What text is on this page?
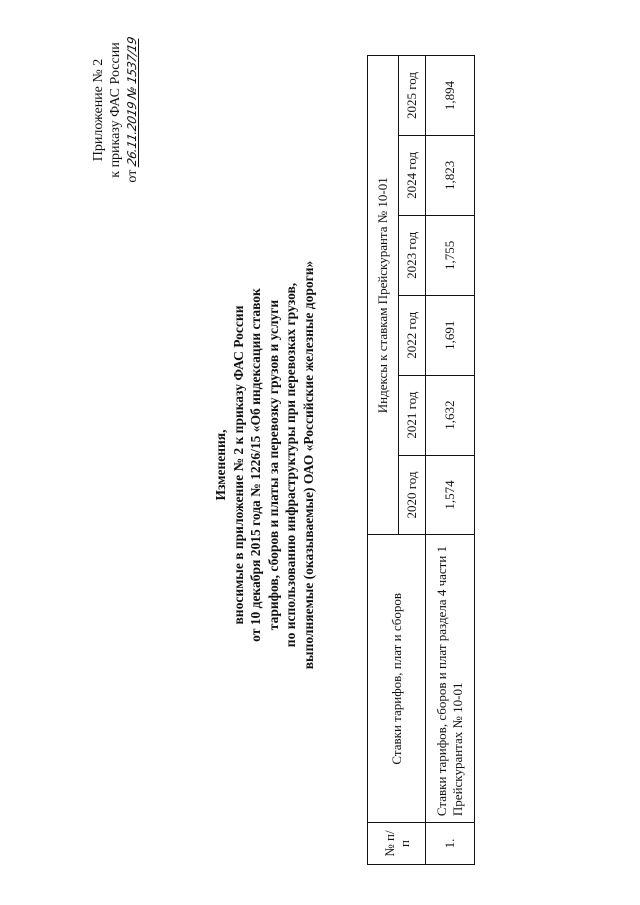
Приложение № 2 к приказу ФАС России от 26.11.2019 № 1537/19
Изменения, вносимые в приложение № 2 к приказу ФАС России от 10 декабря 2015 года № 1226/15 «Об индексации ставок тарифов, сборов и платы за перевозку грузов и услуги по использованию инфраструктуры при перевозках грузов, выполняемые (оказываемые) ОАО «Российские железные дороги»
№ п/п	Ставки тарифов, плат и сборов	Индексы к ставкам Прейскуранта № 10-01					
		2020 год	2021 год	2022 год	2023 год	2024 год	2025 год
1.	Ставки тарифов, сборов и плат раздела 4 части 1 Прейскурантах № 10-01	1,574	1,632	1,691	1,755	1,823	1,894
